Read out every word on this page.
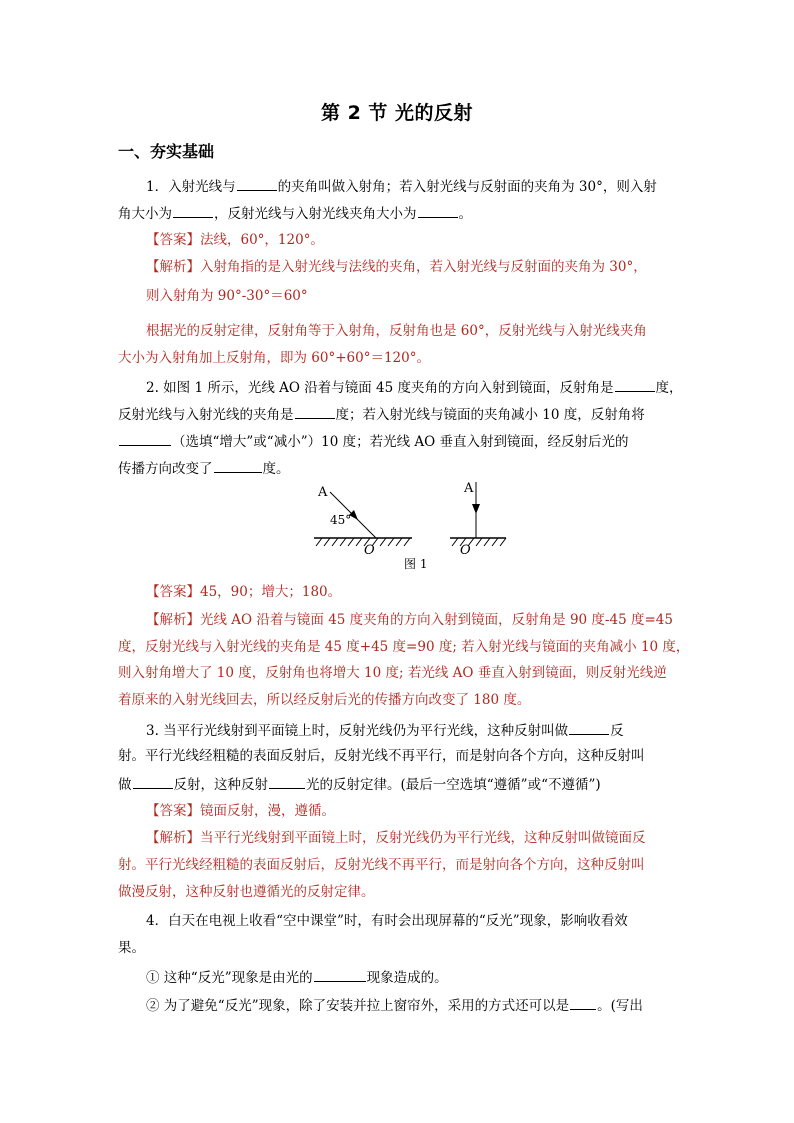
第 2 节 光的反射
一、夯实基础
1．入射光线与	的夹角叫做入射角；若入射光线与反射面的夹角为 30°，则入射
角大小为	，反射光线与入射光线夹角大小为	。
【答案】法线，60°，120°。
【解析】入射角指的是入射光线与法线的夹角，若入射光线与反射面的夹角为 30°，
则入射角为 90°-30°＝60°
根据光的反射定律，反射角等于入射角，反射角也是 60°，反射光线与入射光线夹角
大小为入射角加上反射角，即为 60°+60°＝120°。
2. 如图 1 所示，光线 AO 沿着与镜面 45 度夹角的方向入射到镜面，反射角是	度，
反射光线与入射光线的夹角是	度；若入射光线与镜面的夹角减小 10 度，反射角将
（选填“增大”或“减小”）10 度；若光线 AO 垂直入射到镜面，经反射后光的
传播方向改变了	度。
A
45°
O
A
O
图 1
【答案】45，90；增大；180。
【解析】光线 AO 沿着与镜面 45 度夹角的方向入射到镜面，反射角是 90 度-45 度=45
度，反射光线与入射光线的夹角是 45 度+45 度=90 度; 若入射光线与镜面的夹角减小 10 度，
则入射角增大了 10 度，反射角也将增大 10 度; 若光线 AO 垂直入射到镜面，则反射光线逆
着原来的入射光线回去，所以经反射后光的传播方向改变了 180 度。
3. 当平行光线射到平面镜上时，反射光线仍为平行光线，这种反射叫做	反
射。平行光线经粗糙的表面反射后，反射光线不再平行，而是射向各个方向，这种反射叫
做	反射，这种反射	光的反射定律。(最后一空选填“遵循”或“不遵循”)
【答案】镜面反射，漫，遵循。
【解析】当平行光线射到平面镜上时，反射光线仍为平行光线，这种反射叫做镜面反
射。平行光线经粗糙的表面反射后，反射光线不再平行，而是射向各个方向，这种反射叫
做漫反射，这种反射也遵循光的反射定律。
4．白天在电视上收看“空中课堂”时，有时会出现屏幕的“反光”现象，影响收看效
果。
① 这种“反光”现象是由光的	现象造成的。
② 为了避免“反光”现象，除了安装并拉上窗帘外，采用的方式还可以是 。(写出
